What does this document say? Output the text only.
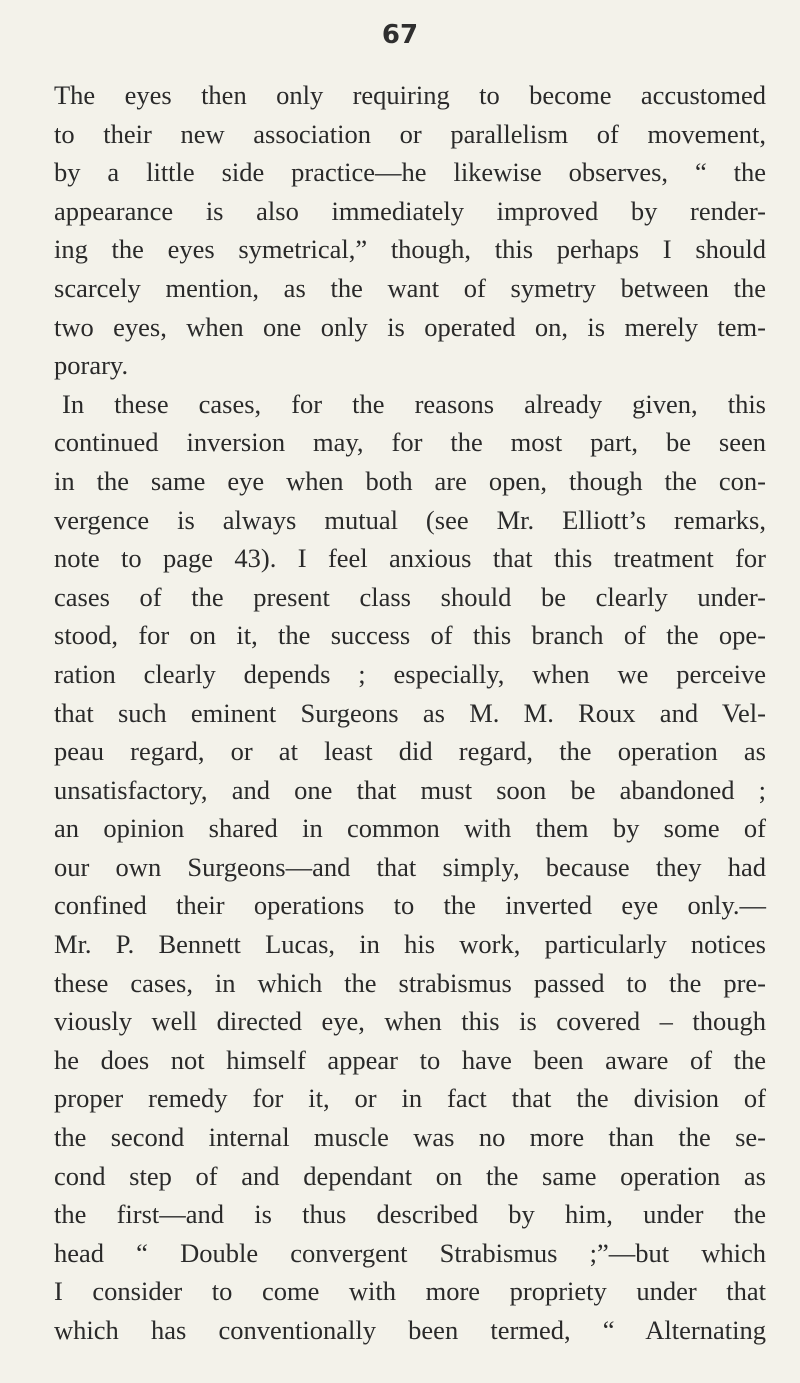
67
The eyes then only requiring to become accustomed
to their new association or parallelism of movement,
by a little side practice—he likewise observes, “ the
appearance is also immediately improved by render-
ing the eyes symetrical,” though, this perhaps I should
scarcely mention, as the want of symetry between the
two eyes, when one only is operated on, is merely tem-
porary.
In these cases, for the reasons already given, this
continued inversion may, for the most part, be seen
in the same eye when both are open, though the con-
vergence is always mutual (see Mr. Elliott’s remarks,
note to page 43). I feel anxious that this treatment for
cases of the present class should be clearly under-
stood, for on it, the success of this branch of the ope-
ration clearly depends ; especially, when we perceive
that such eminent Surgeons as M. M. Roux and Vel-
peau regard, or at least did regard, the operation as
unsatisfactory, and one that must soon be abandoned ;
an opinion shared in common with them by some of
our own Surgeons—and that simply, because they had
confined their operations to the inverted eye only.—
Mr. P. Bennett Lucas, in his work, particularly notices
these cases, in which the strabismus passed to the pre-
viously well directed eye, when this is covered – though
he does not himself appear to have been aware of the
proper remedy for it, or in fact that the division of
the second internal muscle was no more than the se-
cond step of and dependant on the same operation as
the first—and is thus described by him, under the
head “ Double convergent Strabismus ;”—but which
I consider to come with more propriety under that
which has conventionally been termed, “ Alternating
